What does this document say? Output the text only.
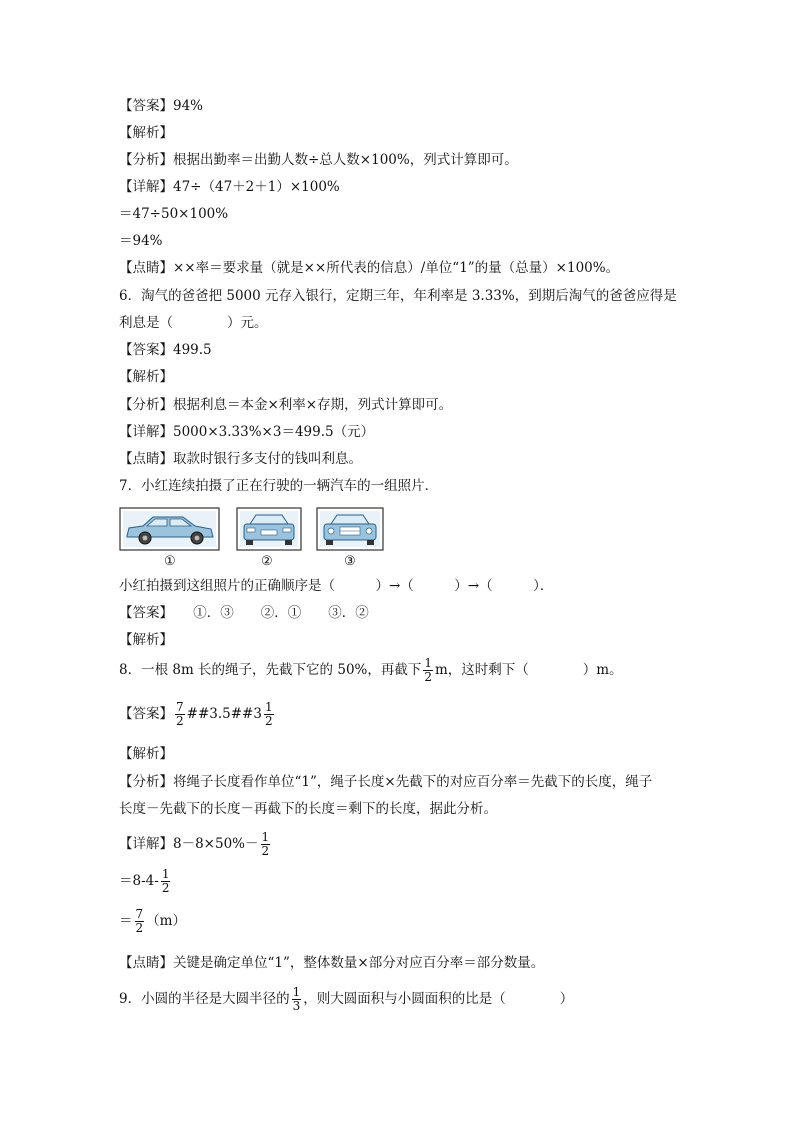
【答案】94%
【解析】
【分析】根据出勤率＝出勤人数÷总人数×100%，列式计算即可。
【详解】47÷（47＋2＋1）×100%
＝47÷50×100%
＝94%
【点睛】××率＝要求量（就是××所代表的信息）/单位“1”的量（总量）×100%。
6．淘气的爸爸把 5000 元存入银行，定期三年，年利率是 3.33%，到期后淘气的爸爸应得是
利息是（　　　　）元。
【答案】499.5
【解析】
【分析】根据利息＝本金×利率×存期，列式计算即可。
【详解】5000×3.33%×3＝499.5（元）
【点睛】取款时银行多支付的钱叫利息。
7．小红连续拍摄了正在行驶的一辆汽车的一组照片．
①	②	③
小红拍摄到这组照片的正确顺序是（　　　）→（　　　）→（　　　）．
【答案】　　①．③　　②．①　　③．②
【解析】
8．一根 8m 长的绳子，先截下它的 50%，再截下 $\frac{1}{2}$ m，这时剩下（　　　　）m。
【答案】 $\frac{7}{2}$ ##3.5##3 $\frac{1}{2}$
【解析】
【分析】将绳子长度看作单位“1”，绳子长度×先截下的对应百分率＝先截下的长度，绳子
长度－先截下的长度－再截下的长度＝剩下的长度，据此分析。
【详解】$8-8\times 50\%- \frac{1}{2}$
$=8-4- \frac{1}{2}$
＝ $\frac{7}{2} (m)$
【点睛】关键是确定单位“1”，整体数量×部分对应百分率＝部分数量。
9．小圆的半径是大圆半径的 $\frac{1}{3}$ ，则大圆面积与小圆面积的比是（　　　　）
